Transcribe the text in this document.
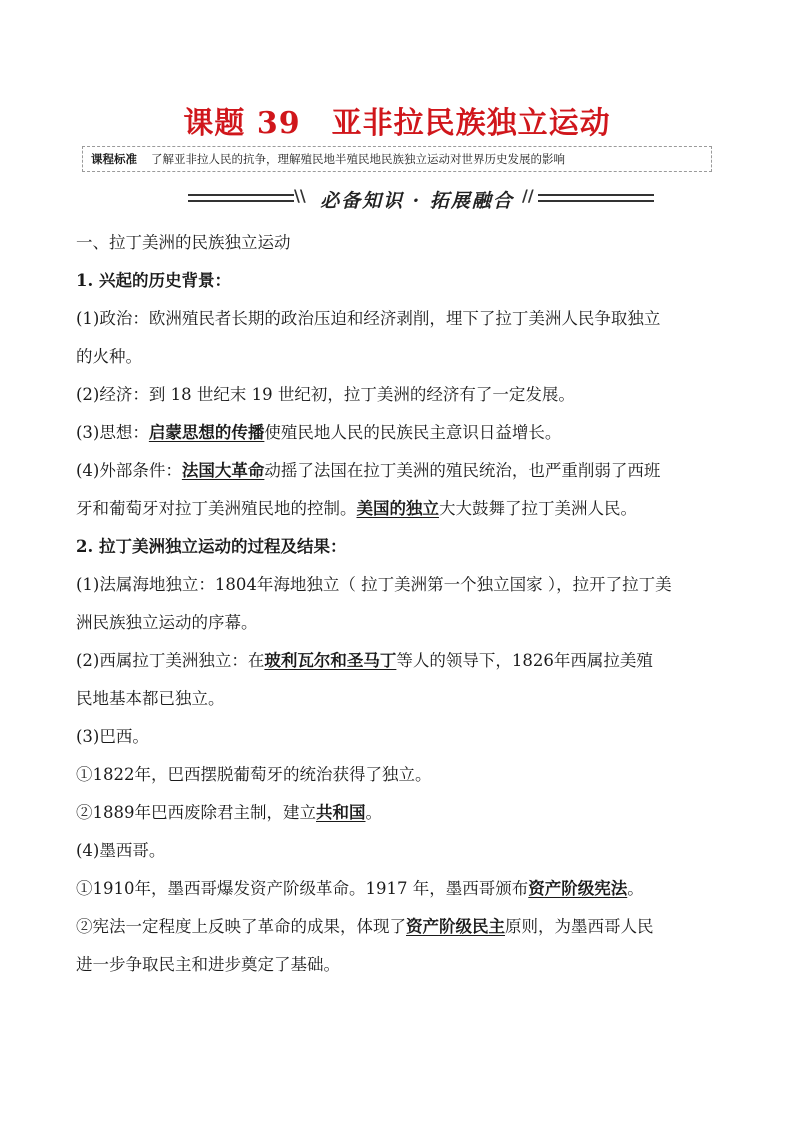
课题 39　亚非拉民族独立运动
课程标准 了解亚非拉人民的抗争，理解殖民地半殖民地民族独立运动对世界历史发展的影响
\\ 必备知识 · 拓展融合 //
一、拉丁美洲的民族独立运动
1. 兴起的历史背景：
(1)政治：欧洲殖民者长期的政治压迫和经济剥削，埋下了拉丁美洲人民争取独立
的火种。
(2)经济：到 18 世纪末 19 世纪初，拉丁美洲的经济有了一定发展。
(3)思想：启蒙思想的传播使殖民地人民的民族民主意识日益增长。
(4)外部条件：法国大革命动摇了法国在拉丁美洲的殖民统治，也严重削弱了西班
牙和葡萄牙对拉丁美洲殖民地的控制。美国的独立大大鼓舞了拉丁美洲人民。
2. 拉丁美洲独立运动的过程及结果：
(1)法属海地独立：1804年海地独立（ 拉丁美洲第一个独立国家 ），拉开了拉丁美
洲民族独立运动的序幕。
(2)西属拉丁美洲独立：在玻利瓦尔和圣马丁等人的领导下，1826年西属拉美殖
民地基本都已独立。
(3)巴西。
①1822年，巴西摆脱葡萄牙的统治获得了独立。
②1889年巴西废除君主制，建立共和国。
(4)墨西哥。
①1910年，墨西哥爆发资产阶级革命。1917 年，墨西哥颁布资产阶级宪法。
②宪法一定程度上反映了革命的成果，体现了资产阶级民主原则，为墨西哥人民
进一步争取民主和进步奠定了基础。
